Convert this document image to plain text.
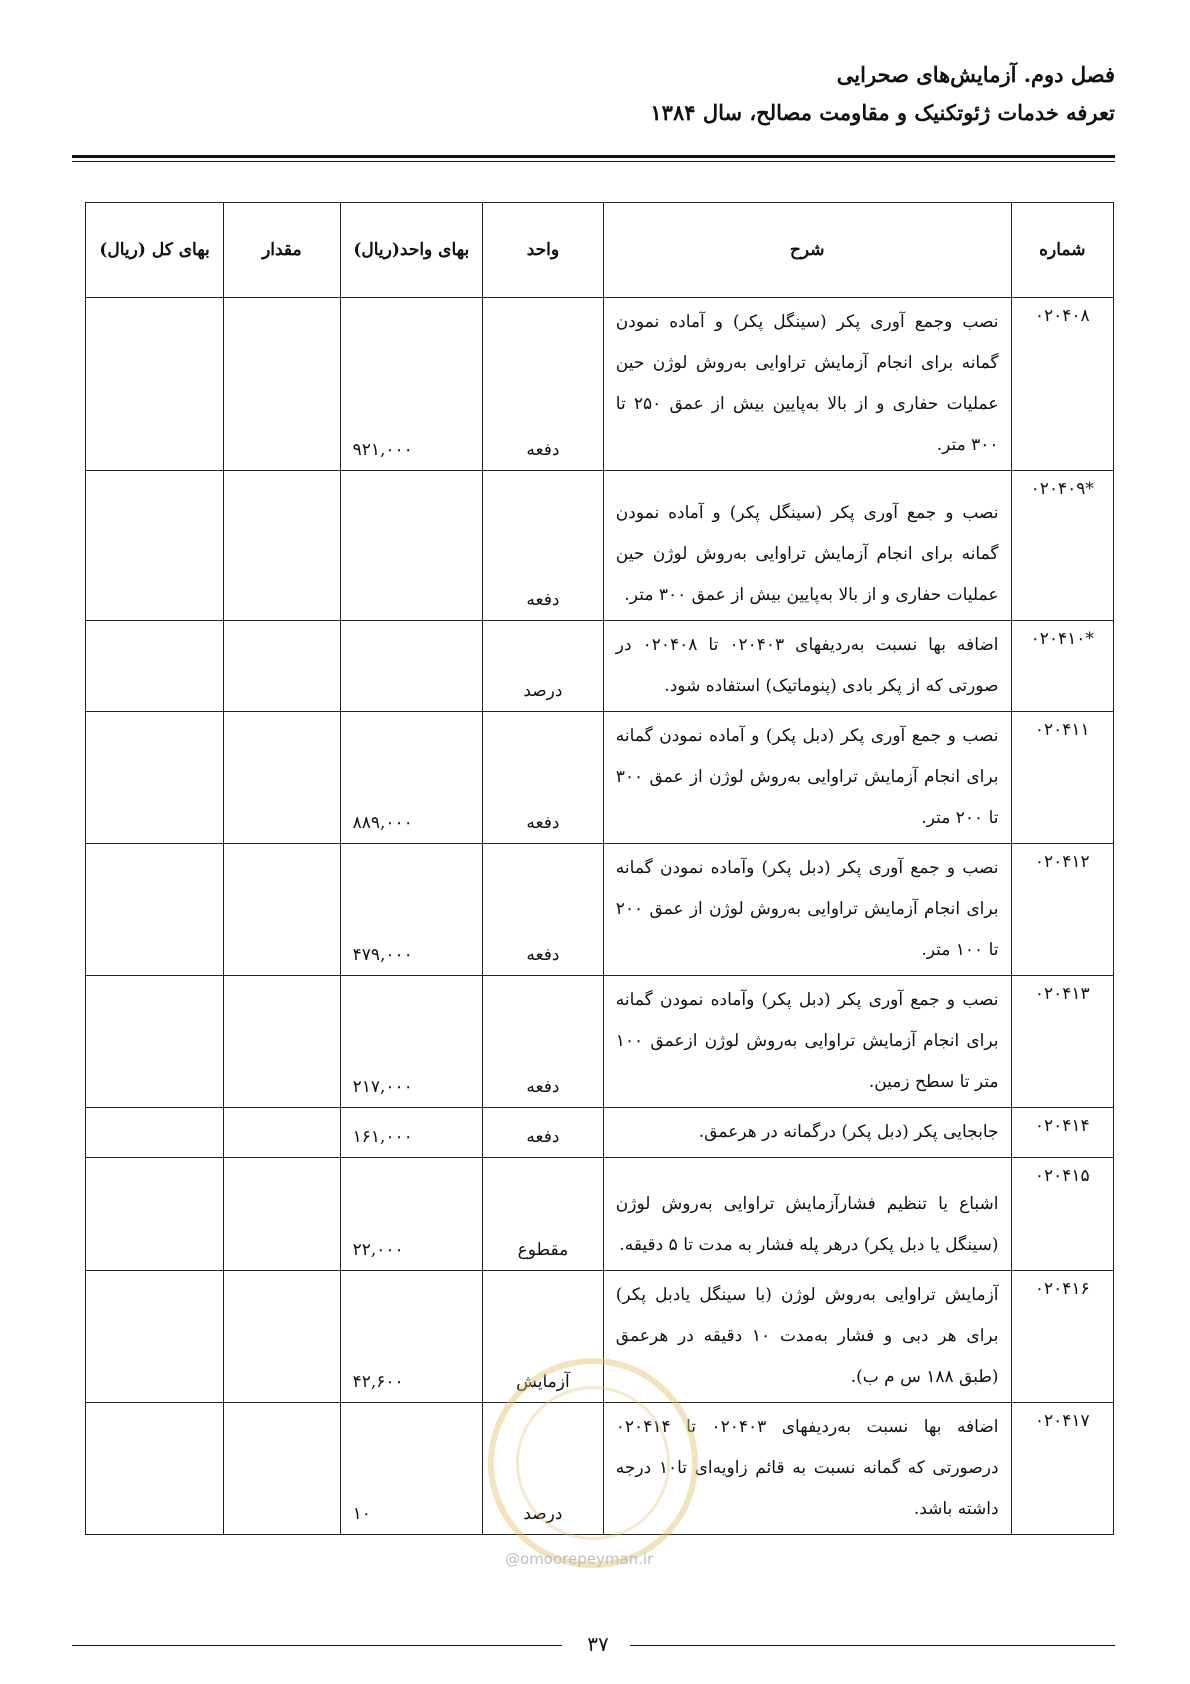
فصل دوم. آزمایش‌های صحرایی
تعرفه خدمات ژئوتکنیک و مقاومت مصالح، سال ۱۳۸۴
شماره	شرح	واحد	بهای واحد(ریال)	مقدار	بهای کل (ریال)
۰۲۰۴۰۸	نصب وجمع آوری پکر (سینگل پکر) و آماده نمودن گمانه برای انجام آزمایش تراوایی به‌روش لوژن حین عملیات حفاری و از بالا به‌پایین بیش از عمق ۲۵۰ تا ۳۰۰ متر.	دفعه	۹۲۱,۰۰۰		
۰۲۰۴۰۹*	نصب و جمع آوری پکر (سینگل پکر) و آماده نمودن گمانه برای انجام آزمایش تراوایی به‌روش لوژن حین عملیات حفاری و از بالا به‌پایین بیش از عمق ۳۰۰ متر.	دفعه			
۰۲۰۴۱۰*	اضافه بها نسبت به‌ردیفهای ۰۲۰۴۰۳ تا ۰۲۰۴۰۸ در صورتی که از پکر بادی (پنوماتیک) استفاده شود.	درصد			
۰۲۰۴۱۱	نصب و جمع آوری پکر (دبل پکر) و آماده نمودن گمانه برای انجام آزمایش تراوایی به‌روش لوژن از عمق ۳۰۰ تا ۲۰۰ متر.	دفعه	۸۸۹,۰۰۰		
۰۲۰۴۱۲	نصب و جمع آوری پکر (دبل پکر) وآماده نمودن گمانه برای انجام آزمایش تراوایی به‌روش لوژن از عمق ۲۰۰ تا ۱۰۰ متر.	دفعه	۴۷۹,۰۰۰		
۰۲۰۴۱۳	نصب و جمع آوری پکر (دبل پکر) وآماده نمودن گمانه برای انجام آزمایش تراوایی به‌روش لوژن ازعمق ۱۰۰ متر تا سطح زمین.	دفعه	۲۱۷,۰۰۰		
۰۲۰۴۱۴	جابجایی پکر (دبل پکر) درگمانه در هرعمق.	دفعه	۱۶۱,۰۰۰		
۰۲۰۴۱۵	اشباع یا تنظیم فشارآزمایش تراوایی به‌روش لوژن (سینگل یا دبل پکر) درهر پله فشار به مدت تا ۵ دقیقه.	مقطوع	۲۲,۰۰۰		
۰۲۰۴۱۶	آزمایش تراوایی به‌روش لوژن (با سینگل یادبل پکر) برای هر دبی و فشار به‌مدت ۱۰ دقیقه در هرعمق (طبق ۱۸۸ س م ب).	آزمایش	۴۲,۶۰۰		
۰۲۰۴۱۷	اضافه بها نسبت به‌ردیفهای ۰۲۰۴۰۳ تا ۰۲۰۴۱۴ درصورتی که گمانه نسبت به قائم زاویه‌ای تا۱۰ درجه داشته باشد.	درصد	۱۰		
@omoorepeyman.ir
۳۷
